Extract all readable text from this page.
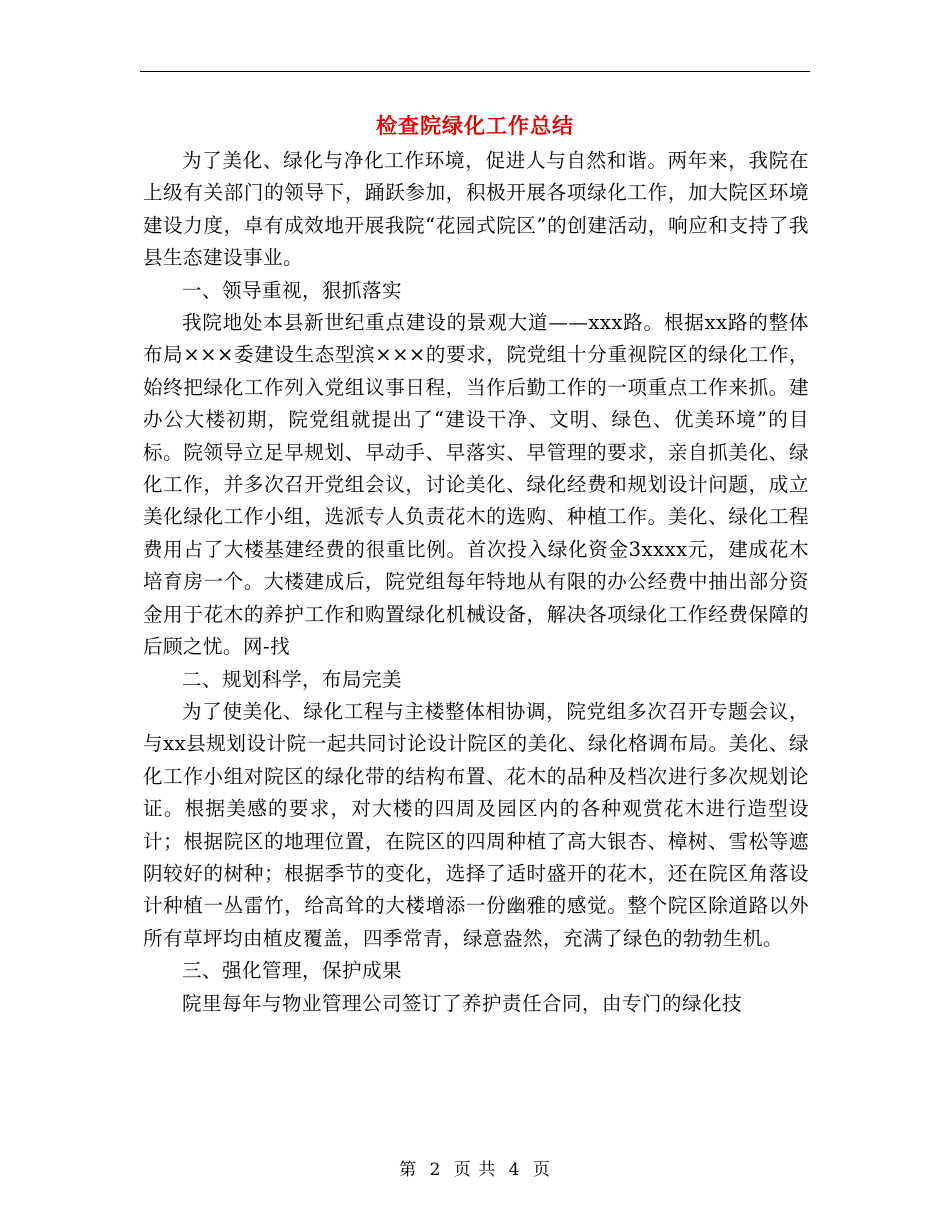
检查院绿化工作总结

为了美化、绿化与净化工作环境，促进人与自然和谐。两年来，我院在上级有关部门的领导下，踊跃参加，积极开展各项绿化工作，加大院区环境建设力度，卓有成效地开展我院“花园式院区”的创建活动，响应和支持了我县生态建设事业。

一、领导重视，狠抓落实

我院地处本县新世纪重点建设的景观大道——xxx路。根据xx路的整体布局×××委建设生态型滨×××的要求，院党组十分重视院区的绿化工作，始终把绿化工作列入党组议事日程，当作后勤工作的一项重点工作来抓。建办公大楼初期，院党组就提出了“建设干净、文明、绿色、优美环境”的目标。院领导立足早规划、早动手、早落实、早管理的要求，亲自抓美化、绿化工作，并多次召开党组会议，讨论美化、绿化经费和规划设计问题，成立美化绿化工作小组，选派专人负责花木的选购、种植工作。美化、绿化工程费用占了大楼基建经费的很重比例。首次投入绿化资金3xxxx元，建成花木培育房一个。大楼建成后，院党组每年特地从有限的办公经费中抽出部分资金用于花木的养护工作和购置绿化机械设备，解决各项绿化工作经费保障的后顾之忧。网-找

二、规划科学，布局完美

为了使美化、绿化工程与主楼整体相协调，院党组多次召开专题会议，与xx县规划设计院一起共同讨论设计院区的美化、绿化格调布局。美化、绿化工作小组对院区的绿化带的结构布置、花木的品种及档次进行多次规划论证。根据美感的要求，对大楼的四周及园区内的各种观赏花木进行造型设计；根据院区的地理位置，在院区的四周种植了高大银杏、樟树、雪松等遮阴较好的树种；根据季节的变化，选择了适时盛开的花木，还在院区角落设计种植一丛雷竹，给高耸的大楼增添一份幽雅的感觉。整个院区除道路以外所有草坪均由植皮覆盖，四季常青，绿意盎然，充满了绿色的勃勃生机。

三、强化管理，保护成果

院里每年与物业管理公司签订了养护责任合同，由专门的绿化技

第 2 页 共 4 页
